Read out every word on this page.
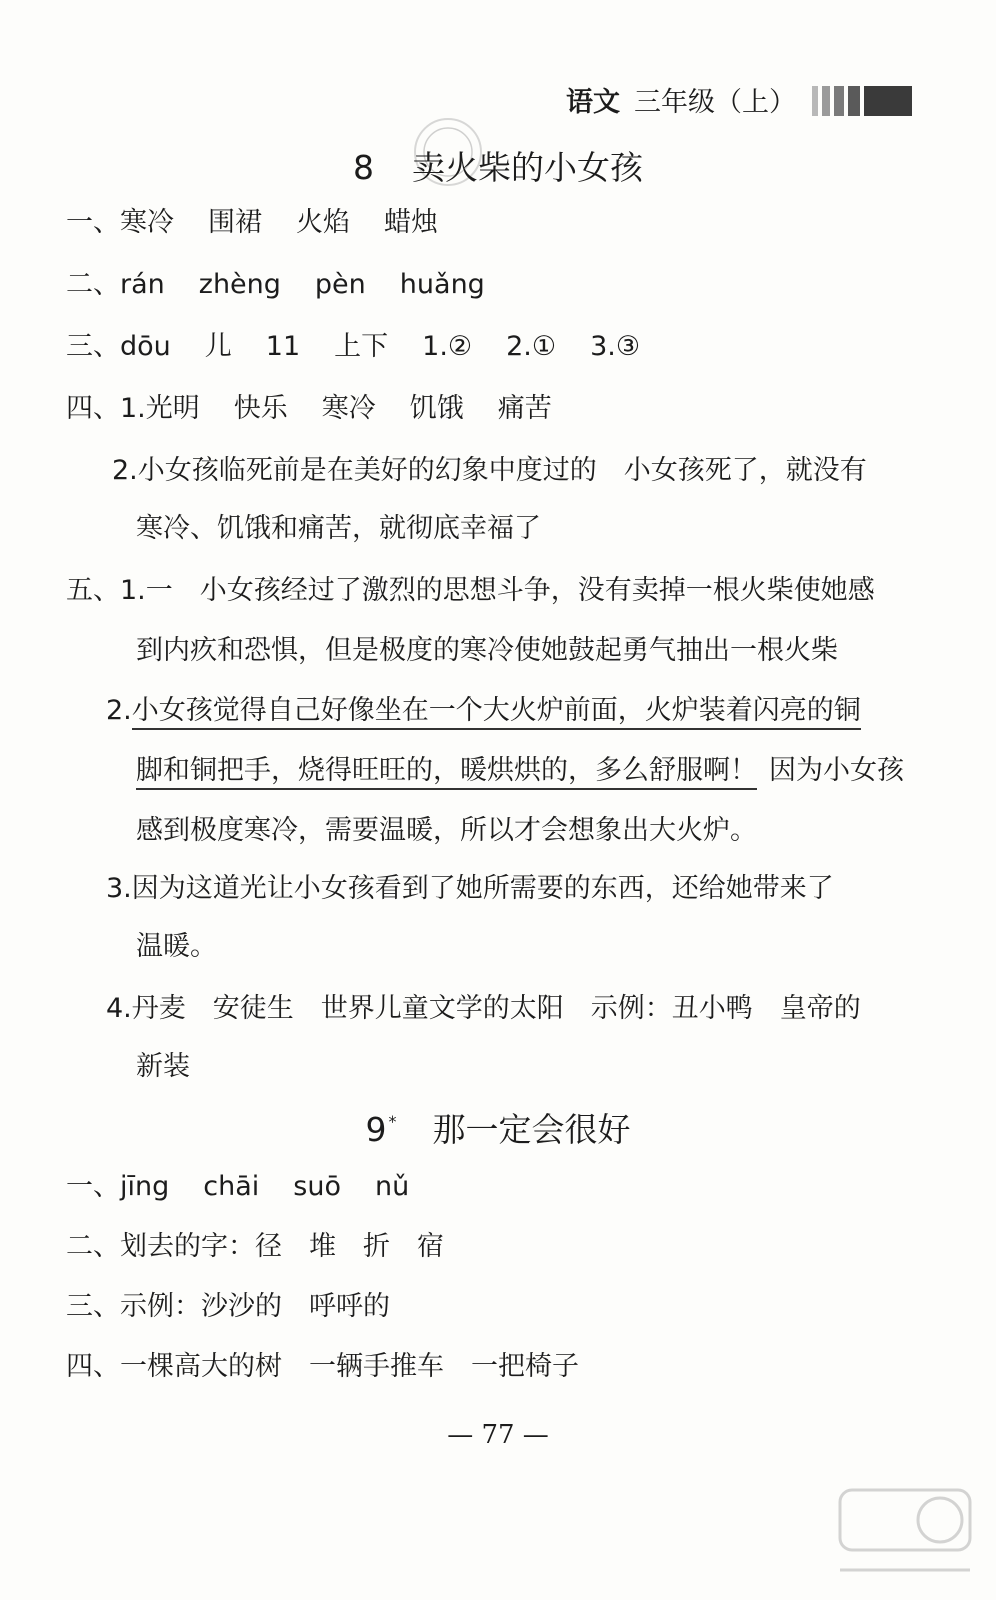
语文 三年级（上）
8 卖火柴的小女孩
一、寒冷 围裙 火焰 蜡烛
二、rán zhèng pèn huǎng
三、dōu 儿 11 上下 1.② 2.① 3.③
四、1.光明 快乐 寒冷 饥饿 痛苦
2.小女孩临死前是在美好的幻象中度过的　小女孩死了，就没有
寒冷、饥饿和痛苦，就彻底幸福了
五、1.一　小女孩经过了激烈的思想斗争，没有卖掉一根火柴使她感
到内疚和恐惧，但是极度的寒冷使她鼓起勇气抽出一根火柴
2.小女孩觉得自己好像坐在一个大火炉前面，火炉装着闪亮的铜
脚和铜把手，烧得旺旺的，暖烘烘的，多么舒服啊！ 因为小女孩
感到极度寒冷，需要温暖，所以才会想象出大火炉。
3.因为这道光让小女孩看到了她所需要的东西，还给她带来了
温暖。
4.丹麦　安徒生　世界儿童文学的太阳　示例：丑小鸭　皇帝的
新装
9 * 那一定会很好
一、jīng chāi suō nǔ
二、划去的字：径　堆　折　宿
三、示例：沙沙的　呼呼的
四、一棵高大的树　一辆手推车　一把椅子
— 77 —
